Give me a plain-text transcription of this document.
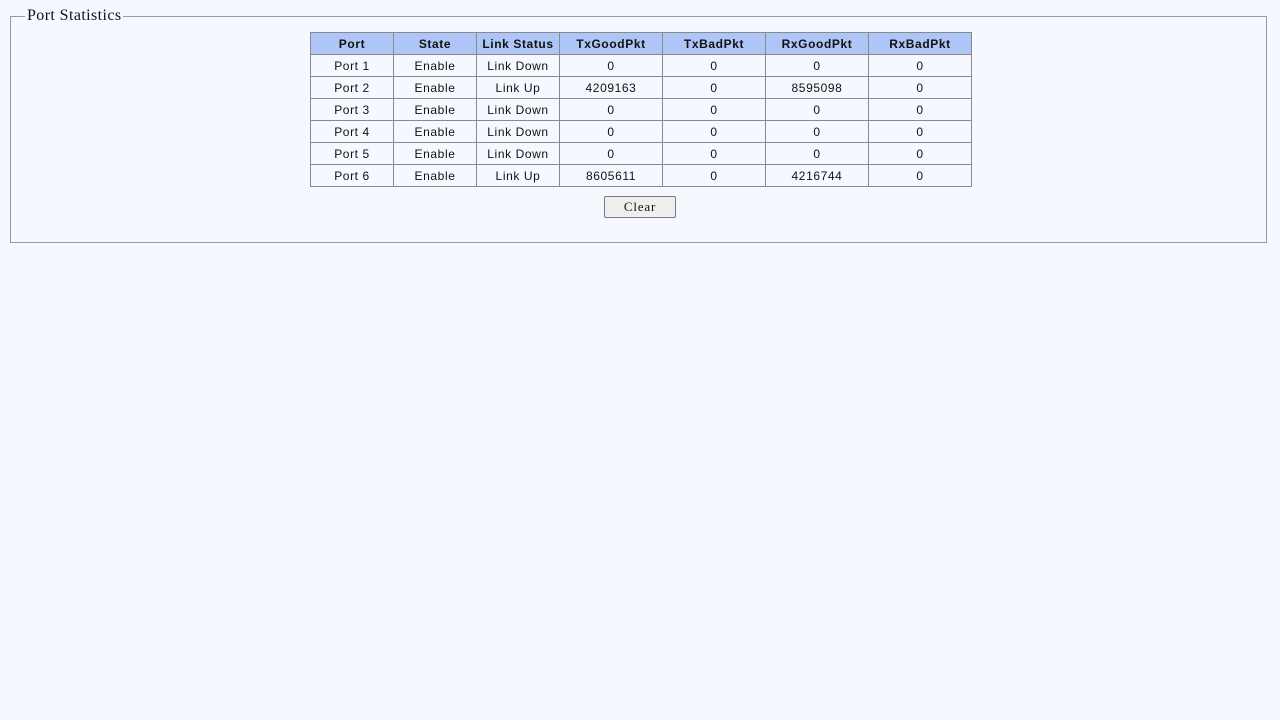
Port Statistics
Port	State	Link Status	TxGoodPkt	TxBadPkt	RxGoodPkt	RxBadPkt
Port 1	Enable	Link Down	0	0	0	0
Port 2	Enable	Link Up	4209163	0	8595098	0
Port 3	Enable	Link Down	0	0	0	0
Port 4	Enable	Link Down	0	0	0	0
Port 5	Enable	Link Down	0	0	0	0
Port 6	Enable	Link Up	8605611	0	4216744	0
Clear
